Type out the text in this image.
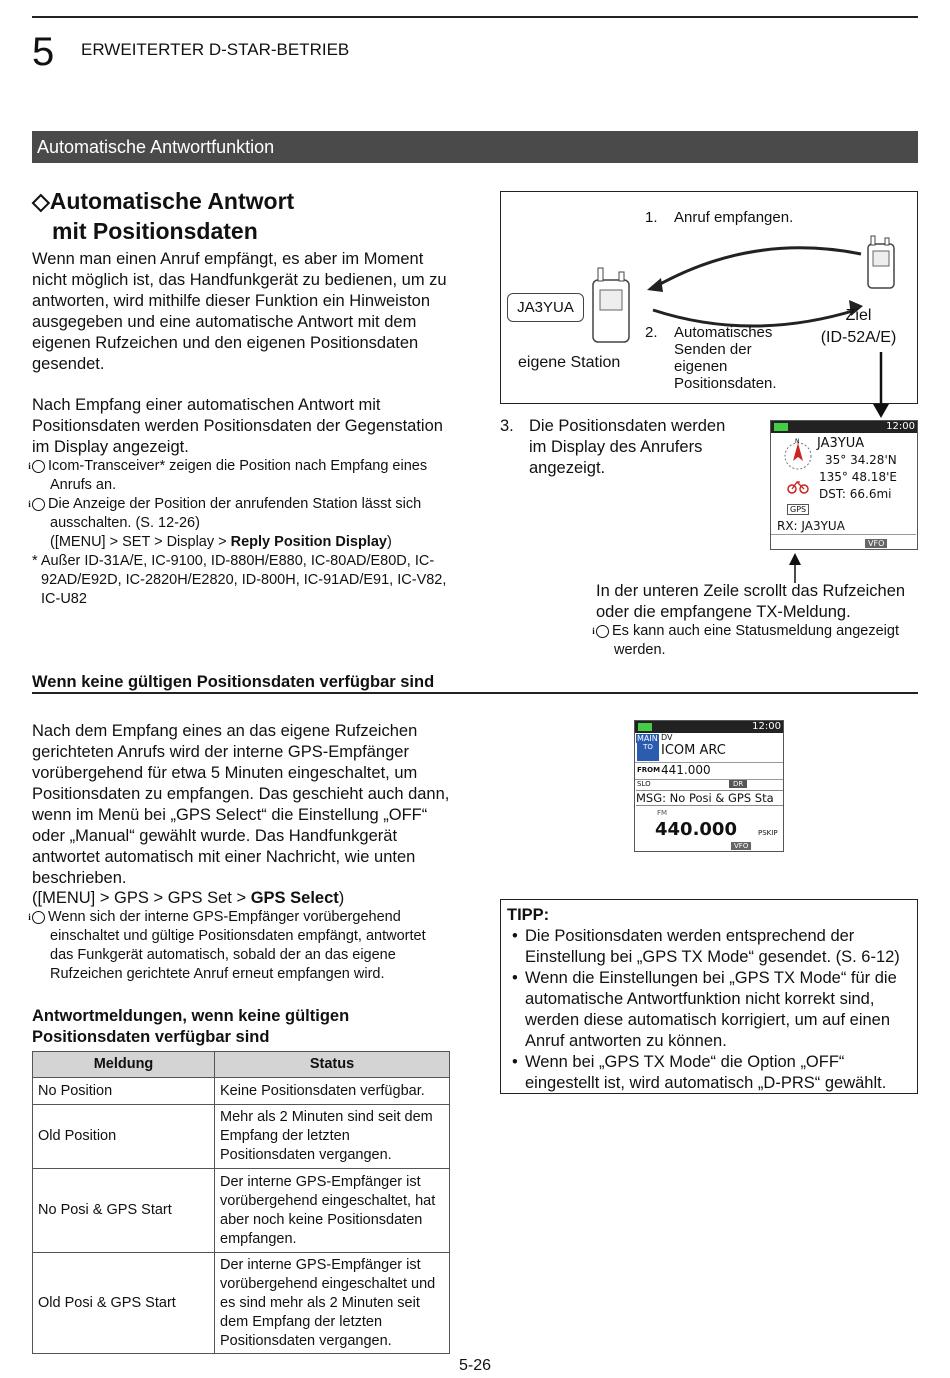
5 ERWEITERTER D-STAR-BETRIEB
Automatische Antwortfunktion
◇Automatische Antwort
mit Positionsdaten
Wenn man einen Anruf empfängt, es aber im Moment nicht möglich ist, das Handfunkgerät zu bedienen, um zu antworten, wird mithilfe dieser Funktion ein Hinweiston ausgegeben und eine automatische Antwort mit dem eigenen Rufzeichen und den eigenen Positionsdaten gesendet.
Nach Empfang einer automatischen Antwort mit Positionsdaten werden Positionsdaten der Gegenstation im Display angezeigt.
i Icom-Transceiver* zeigen die Position nach Empfang eines Anrufs an.
i Die Anzeige der Position der anrufenden Station lässt sich ausschalten. (S. 12-26)
([MENU] > SET > Display > Reply Position Display)
* Außer ID-31A/E, IC-9100, ID-880H/E880, IC-80AD/E80D, IC-92AD/E92D, IC-2820H/E2820, ID-800H, IC-91AD/E91, IC-V82, IC-U82
1. Anruf empfangen.
2. Automatisches Senden der eigenen Positionsdaten.
eigene Station
Ziel
(ID-52A/E)
JA3YUA
3. Die Positionsdaten werden im Display des Anrufers angezeigt.
12:00
N JA3YUA
35° 34.28'N
135° 48.18'E
DST: 66.6mi
GPS
RX: JA3YUA
VFO
In der unteren Zeile scrollt das Rufzeichen oder die empfangene TX-Meldung.
i Es kann auch eine Statusmeldung angezeigt werden.
Wenn keine gültigen Positionsdaten verfügbar sind
Nach dem Empfang eines an das eigene Rufzeichen gerichteten Anrufs wird der interne GPS-Empfänger vorübergehend für etwa 5 Minuten eingeschaltet, um Positionsdaten zu empfangen. Das geschieht auch dann, wenn im Menü bei „GPS Select“ die Einstellung „OFF“ oder „Manual“ gewählt wurde. Das Handfunkgerät antwortet automatisch mit einer Nachricht, wie unten beschrieben.
([MENU] > GPS > GPS Set > GPS Select)
i Wenn sich der interne GPS-Empfänger vorübergehend einschaltet und gültige Positionsdaten empfängt, antwortet das Funkgerät automatisch, sobald der an das eigene Rufzeichen gerichtete Anruf erneut empfangen wird.
12:00
MAIN DV
TO ICOM ARC
FROM 441.000
SLO	DR
MSG: No Posi & GPS Sta
FM
440.000	PSKIP
VFO
Antwortmeldungen, wenn keine gültigen Positionsdaten verfügbar sind
Meldung	Status
No Position	Keine Positionsdaten verfügbar.
Old Position	Mehr als 2 Minuten sind seit dem Empfang der letzten Positionsdaten vergangen.
No Posi & GPS Start	Der interne GPS-Empfänger ist vorübergehend eingeschaltet, hat aber noch keine Positionsdaten empfangen.
Old Posi & GPS Start	Der interne GPS-Empfänger ist vorübergehend eingeschaltet und es sind mehr als 2 Minuten seit dem Empfang der letzten Positionsdaten vergangen.
TIPP:
• Die Positionsdaten werden entsprechend der Einstellung bei „GPS TX Mode“ gesendet. (S. 6-12)
• Wenn die Einstellungen bei „GPS TX Mode“ für die automatische Antwortfunktion nicht korrekt sind, werden diese automatisch korrigiert, um auf einen Anruf antworten zu können.
• Wenn bei „GPS TX Mode“ die Option „OFF“ eingestellt ist, wird automatisch „D-PRS“ gewählt.
5-26
